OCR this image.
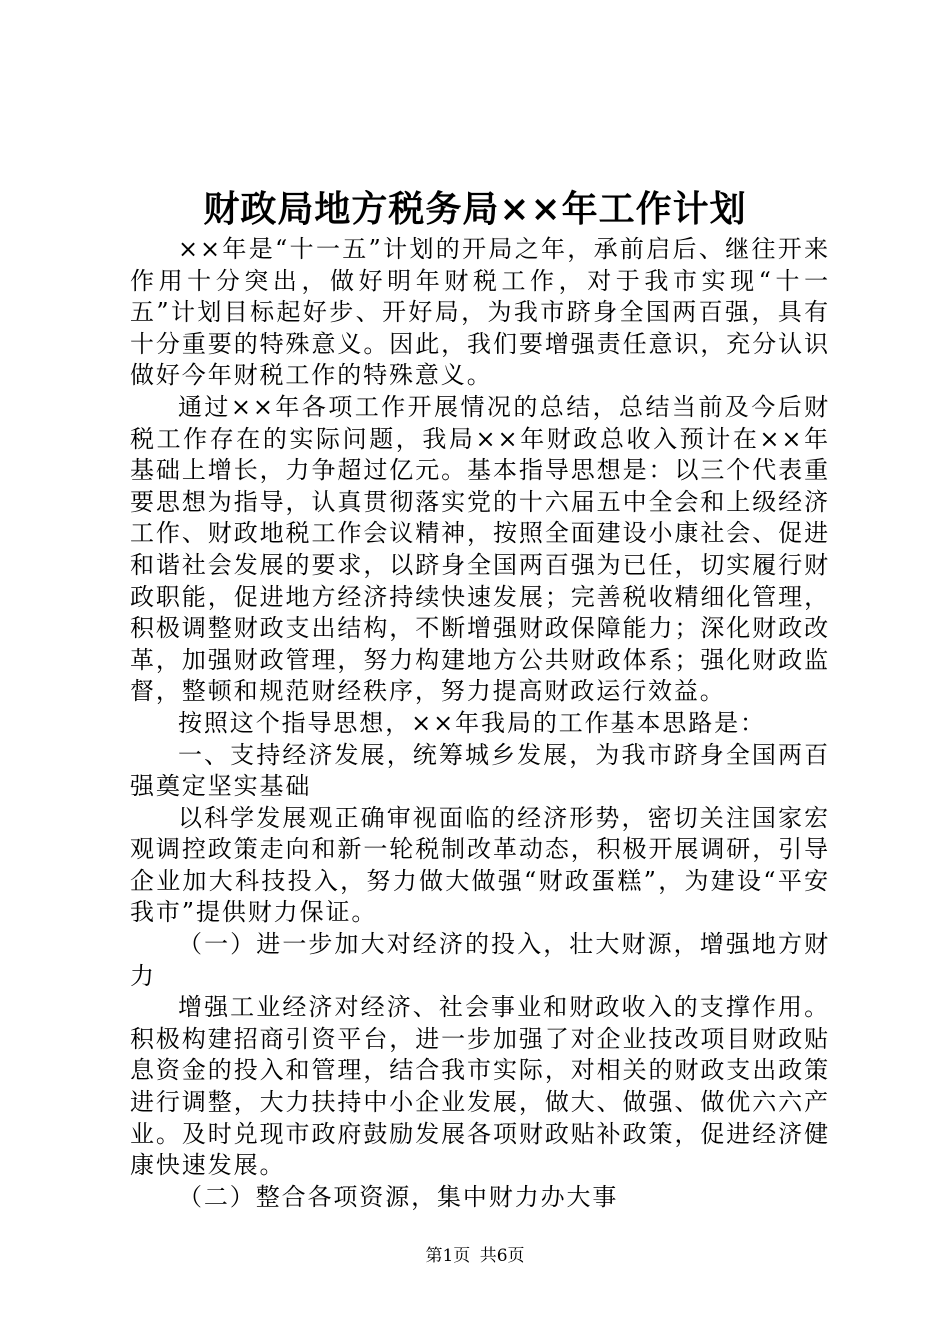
财政局地方税务局××年工作计划

××年是“十一五”计划的开局之年，承前启后、继往开来作用十分突出，做好明年财税工作，对于我市实现“十一五”计划目标起好步、开好局，为我市跻身全国两百强，具有十分重要的特殊意义。因此，我们要增强责任意识，充分认识做好今年财税工作的特殊意义。

通过××年各项工作开展情况的总结，总结当前及今后财税工作存在的实际问题，我局××年财政总收入预计在××年基础上增长，力争超过亿元。基本指导思想是：以三个代表重要思想为指导，认真贯彻落实党的十六届五中全会和上级经济工作、财政地税工作会议精神，按照全面建设小康社会、促进和谐社会发展的要求，以跻身全国两百强为已任，切实履行财政职能，促进地方经济持续快速发展；完善税收精细化管理，积极调整财政支出结构，不断增强财政保障能力；深化财政改革，加强财政管理，努力构建地方公共财政体系；强化财政监督，整顿和规范财经秩序，努力提高财政运行效益。

按照这个指导思想，××年我局的工作基本思路是：

一、支持经济发展，统筹城乡发展，为我市跻身全国两百强奠定坚实基础

以科学发展观正确审视面临的经济形势，密切关注国家宏观调控政策走向和新一轮税制改革动态，积极开展调研，引导企业加大科技投入，努力做大做强“财政蛋糕”，为建设“平安我市”提供财力保证。

（一）进一步加大对经济的投入，壮大财源，增强地方财力

增强工业经济对经济、社会事业和财政收入的支撑作用。积极构建招商引资平台，进一步加强了对企业技改项目财政贴息资金的投入和管理，结合我市实际，对相关的财政支出政策进行调整，大力扶持中小企业发展，做大、做强、做优六六产业。及时兑现市政府鼓励发展各项财政贴补政策，促进经济健康快速发展。

（二）整合各项资源，集中财力办大事

第1页 共6页
